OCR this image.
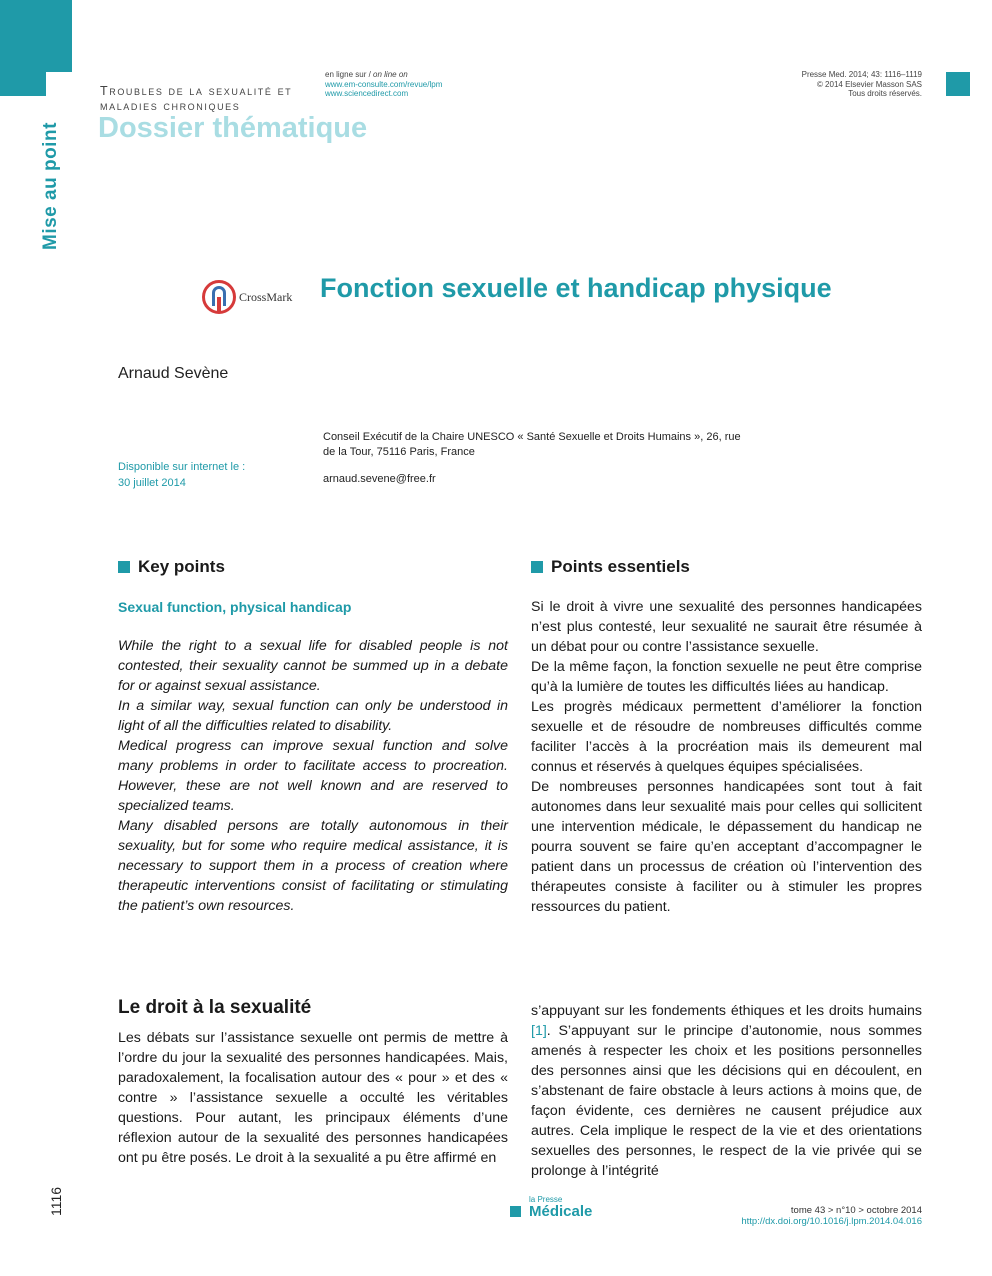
Mise au point
Troubles de la sexualité et
maladies chroniques
Dossier thématique
en ligne sur / on line on
www.em-consulte.com/revue/lpm
www.sciencedirect.com
Presse Med. 2014; 43: 1116–1119
© 2014 Elsevier Masson SAS
Tous droits réservés.
CrossMark Fonction sexuelle et handicap physique
Arnaud Sevène
Conseil Exécutif de la Chaire UNESCO « Santé Sexuelle et Droits Humains », 26, rue de la Tour, 75116 Paris, France
arnaud.sevene@free.fr
Disponible sur internet le :
30 juillet 2014
Key points
Sexual function, physical handicap

While the right to a sexual life for disabled people is not contested, their sexuality cannot be summed up in a debate for or against sexual assistance.

In a similar way, sexual function can only be understood in light of all the difficulties related to disability.

Medical progress can improve sexual function and solve many problems in order to facilitate access to procreation. However, these are not well known and are reserved to specialized teams.

Many disabled persons are totally autonomous in their sexuality, but for some who require medical assistance, it is necessary to support them in a process of creation where therapeutic interventions consist of facilitating or stimulating the patient’s own resources.

Points essentiels

Si le droit à vivre une sexualité des personnes handicapées n’est plus contesté, leur sexualité ne saurait être résumée à un débat pour ou contre l’assistance sexuelle.

De la même façon, la fonction sexuelle ne peut être comprise qu’à la lumière de toutes les difficultés liées au handicap.

Les progrès médicaux permettent d’améliorer la fonction sexuelle et de résoudre de nombreuses difficultés comme faciliter l’accès à la procréation mais ils demeurent mal connus et réservés à quelques équipes spécialisées.

De nombreuses personnes handicapées sont tout à fait autonomes dans leur sexualité mais pour celles qui sollicitent une intervention médicale, le dépassement du handicap ne pourra souvent se faire qu’en acceptant d’accompagner le patient dans un processus de création où l’intervention des thérapeutes consiste à faciliter ou à stimuler les propres ressources du patient.

Le droit à la sexualité

Les débats sur l’assistance sexuelle ont permis de mettre à l’ordre du jour la sexualité des personnes handicapées. Mais, paradoxalement, la focalisation autour des « pour » et des « contre » l’assistance sexuelle a occulté les véritables questions. Pour autant, les principaux éléments d’une réflexion autour de la sexualité des personnes handicapées ont pu être posés. Le droit à la sexualité a pu être affirmé en

s’appuyant sur les fondements éthiques et les droits humains [1]. S’appuyant sur le principe d’autonomie, nous sommes amenés à respecter les choix et les positions personnelles des personnes ainsi que les décisions qui en découlent, en s’abstenant de faire obstacle à leurs actions à moins que, de façon évidente, ces dernières ne causent préjudice aux autres. Cela implique le respect de la vie et des orientations sexuelles des personnes, le respect de la vie privée qui se prolonge à l’intégrité

1116	la Presse
Médicale	tome 43 > n°10 > octobre 2014
http://dx.doi.org/10.1016/j.lpm.2014.04.016
